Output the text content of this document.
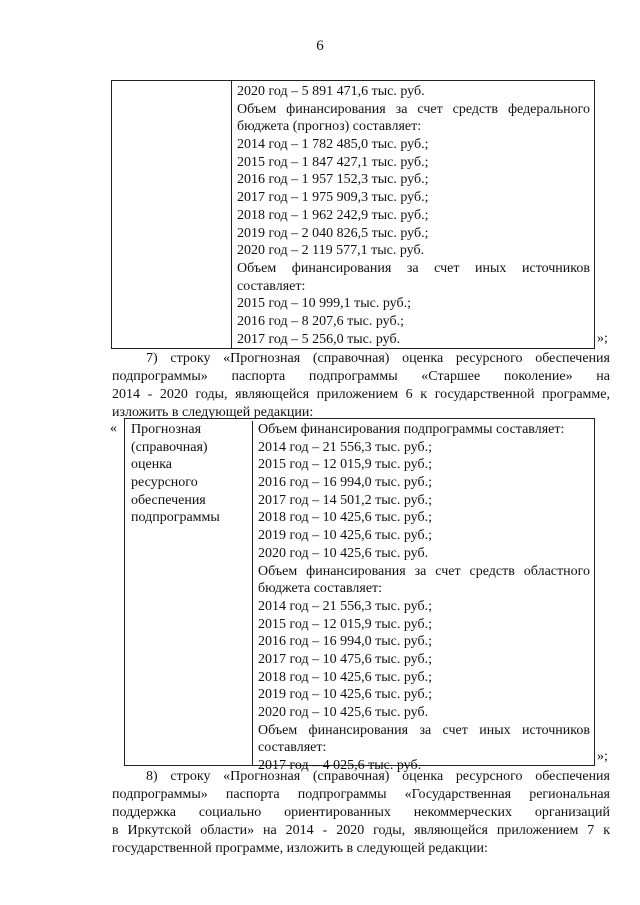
6
2020 год – 5 891 471,6 тыс. руб.
Объем финансирования за счет средств федерального
бюджета (прогноз) составляет:
2014 год – 1 782 485,0 тыс. руб.;
2015 год – 1 847 427,1 тыс. руб.;
2016 год – 1 957 152,3 тыс. руб.;
2017 год – 1 975 909,3 тыс. руб.;
2018 год – 1 962 242,9 тыс. руб.;
2019 год – 2 040 826,5 тыс. руб.;
2020 год – 2 119 577,1 тыс. руб.
Объем финансирования за счет иных источников
составляет:
2015 год – 10 999,1 тыс. руб.;
2016 год – 8 207,6 тыс. руб.;
2017 год – 5 256,0 тыс. руб.	»;
7) строку «Прогнозная (справочная) оценка ресурсного обеспечения
подпрограммы» паспорта подпрограммы «Старшее поколение» на
2014 - 2020 годы, являющейся приложением 6 к государственной программе,
изложить в следующей редакции:
«	Прогнозная
(справочная)
оценка
ресурсного
обеспечения
подпрограммы
Объем финансирования подпрограммы составляет:
2014 год – 21 556,3 тыс. руб.;
2015 год – 12 015,9 тыс. руб.;
2016 год – 16 994,0 тыс. руб.;
2017 год – 14 501,2 тыс. руб.;
2018 год – 10 425,6 тыс. руб.;
2019 год – 10 425,6 тыс. руб.;
2020 год – 10 425,6 тыс. руб.
Объем финансирования за счет средств областного
бюджета составляет:
2014 год – 21 556,3 тыс. руб.;
2015 год – 12 015,9 тыс. руб.;
2016 год – 16 994,0 тыс. руб.;
2017 год – 10 475,6 тыс. руб.;
2018 год – 10 425,6 тыс. руб.;
2019 год – 10 425,6 тыс. руб.;
2020 год – 10 425,6 тыс. руб.
Объем финансирования за счет иных источников
составляет:
2017 год – 4 025,6 тыс. руб.
»;
8) строку «Прогнозная (справочная) оценка ресурсного обеспечения
подпрограммы» паспорта подпрограммы «Государственная региональная
поддержка социально ориентированных некоммерческих организаций
в Иркутской области» на 2014 - 2020 годы, являющейся приложением 7 к
государственной программе, изложить в следующей редакции:
